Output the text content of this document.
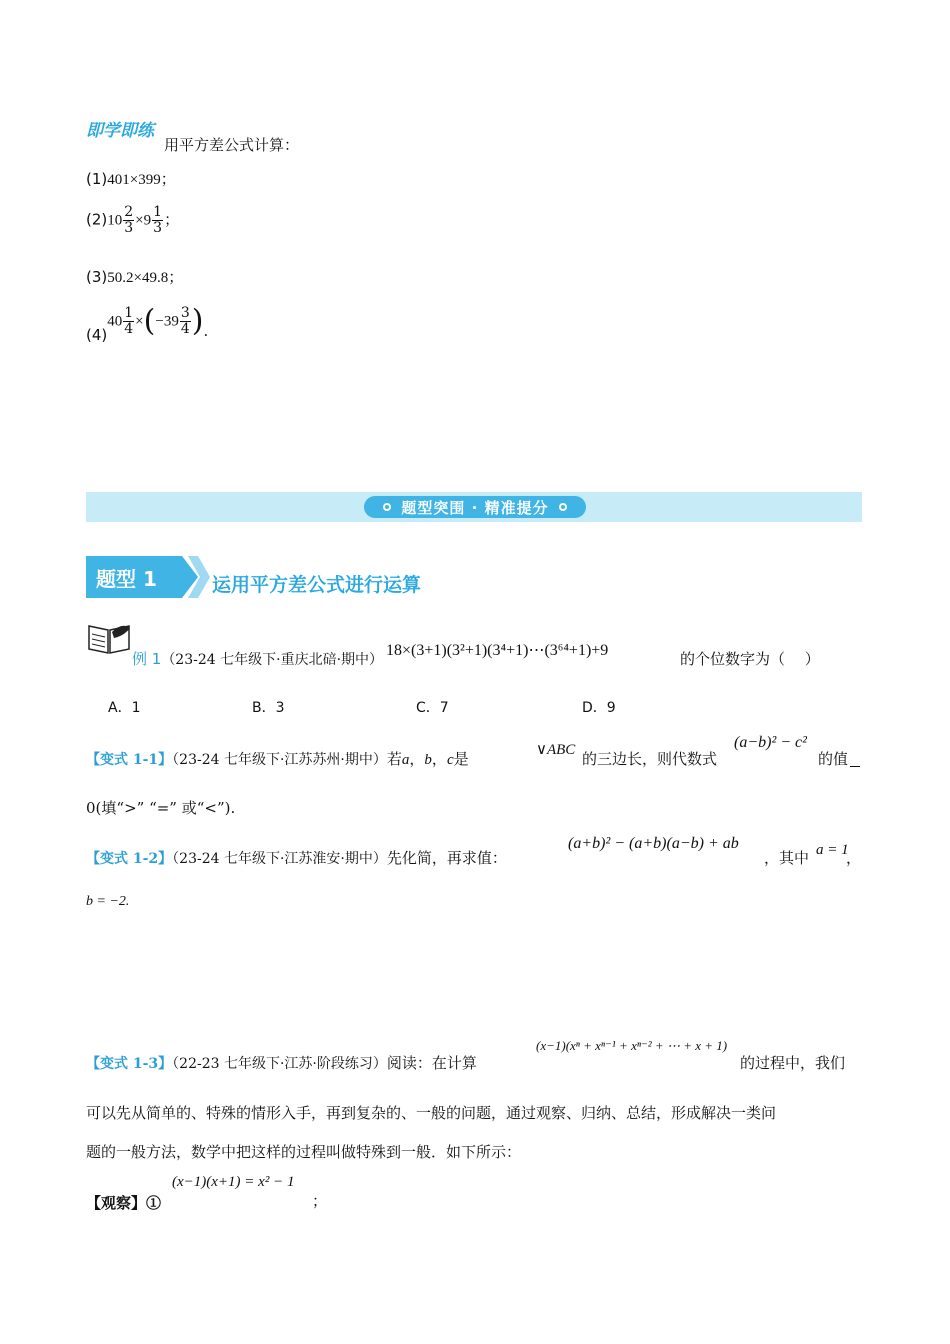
即学即练
用平方差公式计算：
(1)401×399；
$(2)10 \frac{2}{3} \times 9 \frac{1}{3}$ ；
(3)50.2×49.8；
$(4)40 \frac{1}{4} \times(-39 \frac{3}{4}$ ).
题型突围 · 精准提分
题型 1	运用平方差公式进行运算
例 1（23-24 七年级下·重庆北碚·期中）
18×(3+1)(3²+1)(3⁴+1)⋯(3⁶⁴+1)+9	的个位数字为（　 ）
A．1	B．3	C．7	D．9
【变式 1-1】（23-24 七年级下·江苏苏州·期中）若a，b，c是	∨ABC 的三边长，则代数式
(a−b)² − c²
的值
0(填“>” “=” 或“<”).
【变式 1-2】（23-24 七年级下·江苏淮安·期中）先化简，再求值：
(a+b)² − (a+b)(a−b) + ab
，其中 a = 1
，
b = −2.
【变式 1-3】（22-23 七年级下·江苏·阶段练习）阅读：在计算
(x−1)(xⁿ + xⁿ⁻¹ + xⁿ⁻² + ⋯ + x + 1)
的过程中，我们
可以先从简单的、特殊的情形入手，再到复杂的、一般的问题，通过观察、归纳、总结，形成解决一类问
题的一般方法，数学中把这样的过程叫做特殊到一般．如下所示：
【观察】①
(x−1)(x+1) = x² − 1
；
